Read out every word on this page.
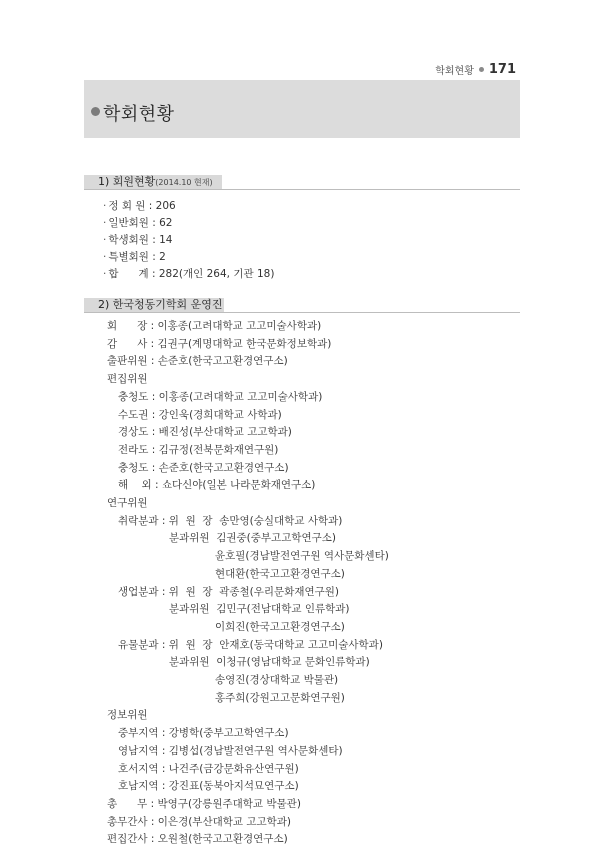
학회현황 171
학회현황
1) 회원현황(2014.10 현재)
· 정 회 원 : 206
· 일반회원 : 62
· 학생회원 : 14
· 특별회원 : 2
· 합      계 : 282(개인 264, 기관 18)
2) 한국청동기학회 운영진
회      장 : 이홍종(고려대학교 고고미술사학과)
감      사 : 김권구(계명대학교 한국문화정보학과)
출판위원 : 손준호(한국고고환경연구소)
편집위원
충청도 : 이홍종(고려대학교 고고미술사학과)
수도권 : 강인욱(경희대학교 사학과)
경상도 : 배진성(부산대학교 고고학과)
전라도 : 김규정(전북문화재연구원)
충청도 : 손준호(한국고고환경연구소)
해    외 : 쇼다신야(일본 나라문화재연구소)
연구위원
취락분과 : 위  원  장  송만영(숭실대학교 사학과)
분과위원  김권중(중부고고학연구소)
윤호필(경남발전연구원 역사문화센타)
현대환(한국고고환경연구소)
생업분과 : 위  원  장  곽종철(우리문화재연구원)
분과위원  김민구(전남대학교 인류학과)
이희진(한국고고환경연구소)
유물분과 : 위  원  장  안재호(동국대학교 고고미술사학과)
분과위원  이청규(영남대학교 문화인류학과)
송영진(경상대학교 박물관)
홍주희(강원고고문화연구원)
정보위원
중부지역 : 강병학(중부고고학연구소)
영남지역 : 김병섭(경남발전연구원 역사문화센타)
호서지역 : 나건주(금강문화유산연구원)
호남지역 : 강진표(동북아지석묘연구소)
총      무 : 박영구(강릉원주대학교 박물관)
총무간사 : 이은경(부산대학교 고고학과)
편집간사 : 오원철(한국고고환경연구소)
